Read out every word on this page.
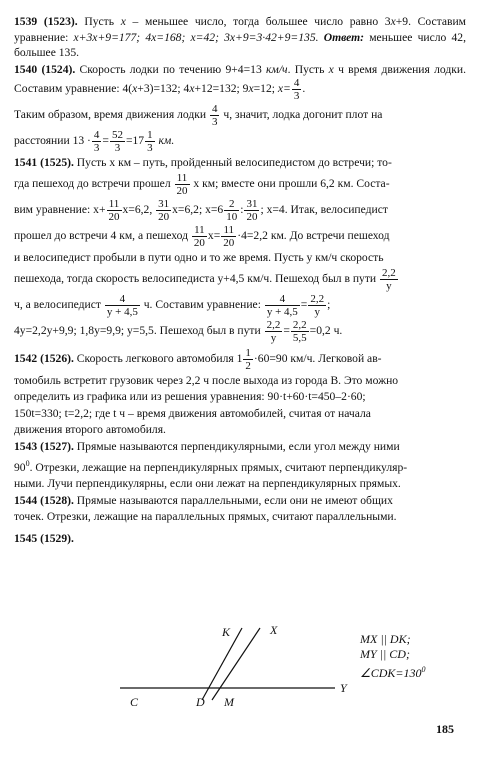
1539 (1523). Пусть x – меньшее число, тогда большее число равно 3x+9. Составим уравнение: x+3x+9=177; 4x=168; x=42; 3x+9=3·42+9=135. Ответ: меньшее число 42, большее 135.

1540 (1524). Скорость лодки по течению 9+4=13 км/ч. Пусть x ч время движения лодки. Составим уравнение: 4(x+3)=132; 4x+12=132; 9x=12; $x= \frac{4}{3}$ .

Таким образом, время движения лодки $\frac{4}{3} ч$, значит, лодка догонит плот на

расстоянии $13 \cdot \frac{4}{3} = \frac{52}{3} =17 \frac{1}{3}$ км.

1541 (1525). Пусть x км – путь, пройденный велосипедистом до встречи; то-

гда пешеход до встречи прошел $\frac{11}{20}$ x км; вместе они прошли 6,2 км. Соста-

вим уравнение: $x+ \frac{11}{20} x=6,2$, $\frac{31}{20} x=6,2$; $x=6 \frac{2}{10}$ : $\frac{31}{20}$ ; x=4. Итак, велосипедист

прошел до встречи 4 км, а пешеход $\frac{11}{20} x= \frac{11}{20} \cdot 4=2,2$ км. До встречи пешеход

и велосипедист пробыли в пути одно и то же время. Пусть y км/ч скорость

пешехода, тогда скорость велосипедиста y+4,5 км/ч. Пешеход был в пути $\frac{2,2}{y}$

ч, а велосипедист $\frac{4}{y + 4,5} ч$. Составим уравнение: $\frac{4}{y + 4,5} = \frac{2,2}{y}$ ;

4y=2,2y+9,9; 1,8y=9,9; y=5,5. Пешеход был в пути $\frac{2,2}{y} = \frac{2,2}{5,5} =0,2$ ч.

1542 (1526). Скорость легкового автомобиля $1 \frac{1}{2} \cdot 60=90$ км/ч. Легковой ав-

томобиль встретит грузовик через 2,2 ч после выхода из города В. Это можно

определить из графика или из решения уравнения: 90·t+60·t=450–2·60;

150t=330; t=2,2; где t ч – время движения автомобилей, считая от начала

движения второго автомобиля.

1543 (1527). Прямые называются перпендикулярными, если угол между ними

$90^0$. Отрезки, лежащие на перпендикулярных прямых, считают перпендикуляр-

ными. Лучи перпендикулярны, если они лежат на перпендикулярных прямых.

1544 (1528). Прямые называются параллельными, если они не имеют общих

точек. Отрезки, лежащие на параллельных прямых, считают параллельными.

1545 (1529).

K	X
C	D M
Y
MX || DK;
MY || CD;
$\angle CDK=130^0$
185
